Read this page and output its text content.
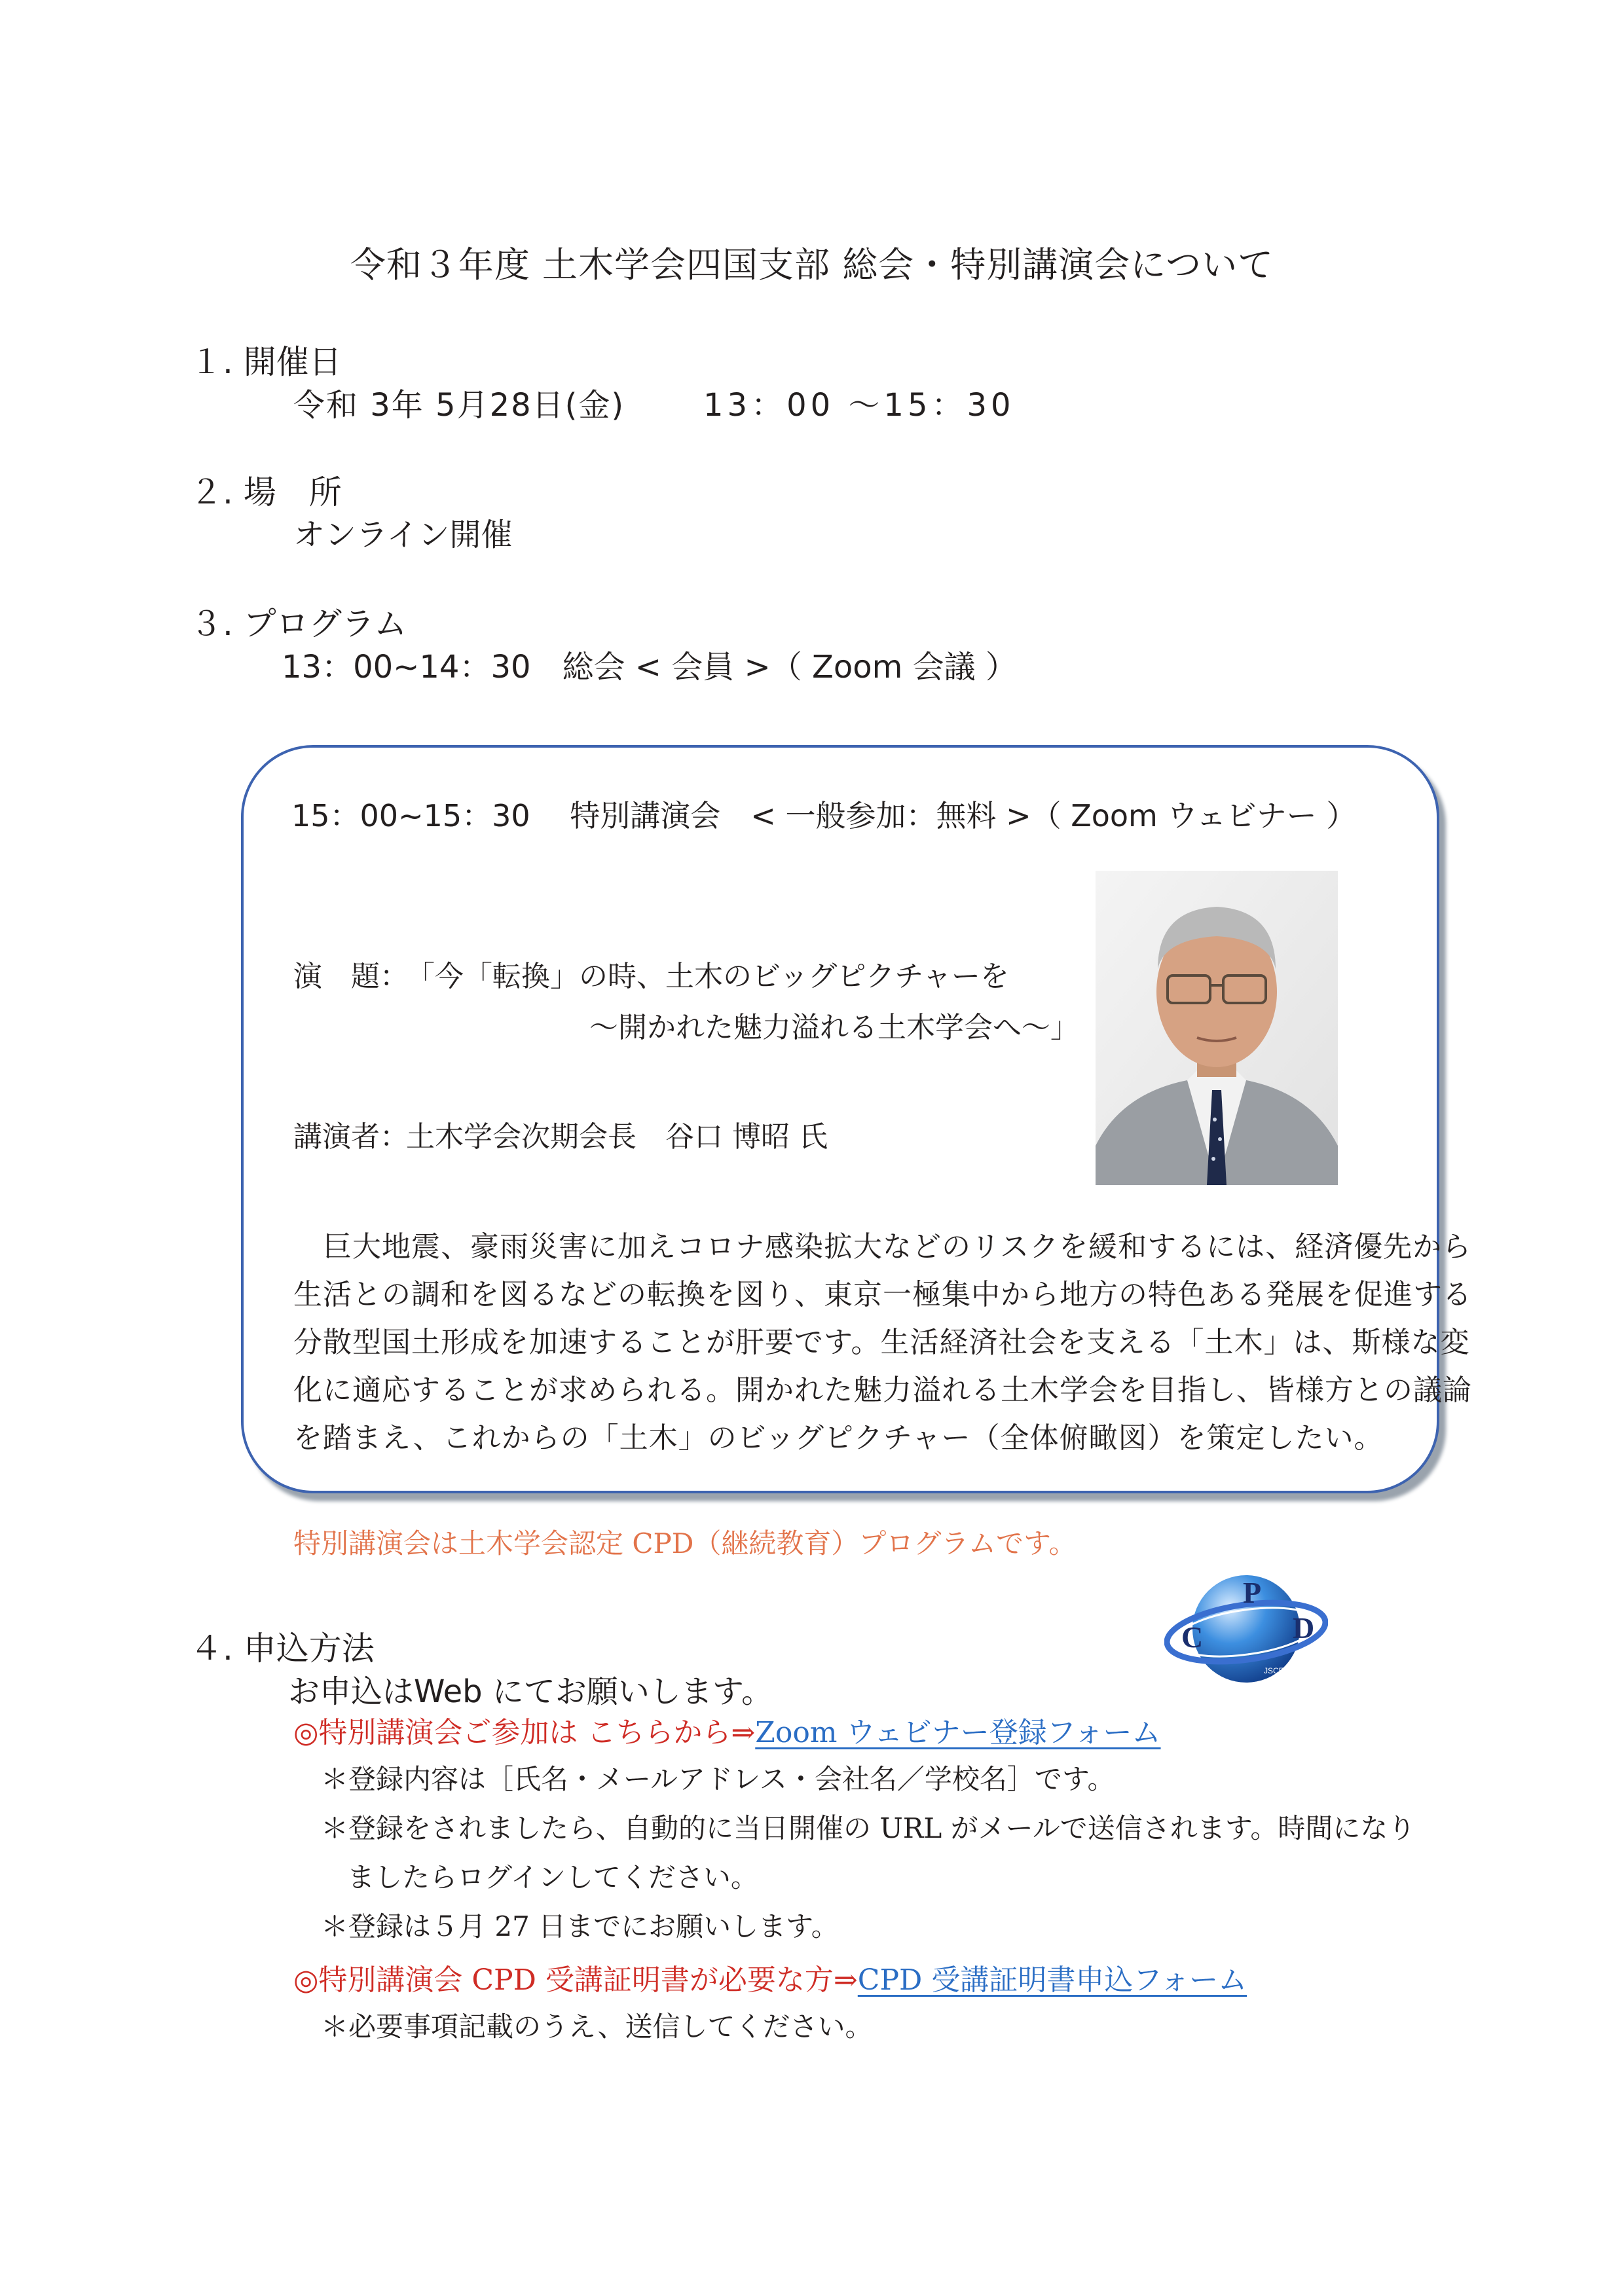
令和３年度 土木学会四国支部 総会・特別講演会について
１. 開催日
令和 3年 5月28日(金) 13：00 ～15：30
２. 場　所
オンライン開催
３. プログラム
13：00~14：30　総会 < 会員 >（ Zoom 会議 ）
15：00~15：30　 特別講演会　< 一般参加：無料 >（ Zoom ウェビナー ）
演　題：
「今「転換」の時、土木のビッグピクチャーを
～開かれた魅力溢れる土木学会へ～」
講演者：
土木学会次期会長　谷口 博昭 氏
　巨大地震、豪雨災害に加えコロナ感染拡大などのリスクを緩和するには、経済優先から
生活との調和を図るなどの転換を図り、東京一極集中から地方の特色ある発展を促進する
分散型国土形成を加速することが肝要です。生活経済社会を支える「土木」は、斯様な変
化に適応することが求められる。開かれた魅力溢れる土木学会を目指し、皆様方との議論
を踏まえ、これからの「土木」のビッグピクチャー（全体俯瞰図）を策定したい。
特別講演会は土木学会認定 CPD（継続教育）プログラムです。
４. 申込方法
お申込はWeb にてお願いします。
P
C	D
JSCE
◎特別講演会ご参加は こちらから⇒Zoom ウェビナー登録フォーム
＊登録内容は［氏名・メールアドレス・会社名／学校名］です。
＊登録をされましたら、自動的に当日開催の URL がメールで送信されます。時間になり
ましたらログインしてください。
＊登録は５月 27 日までにお願いします。
◎特別講演会 CPD 受講証明書が必要な方⇒CPD 受講証明書申込フォーム
＊必要事項記載のうえ、送信してください。
